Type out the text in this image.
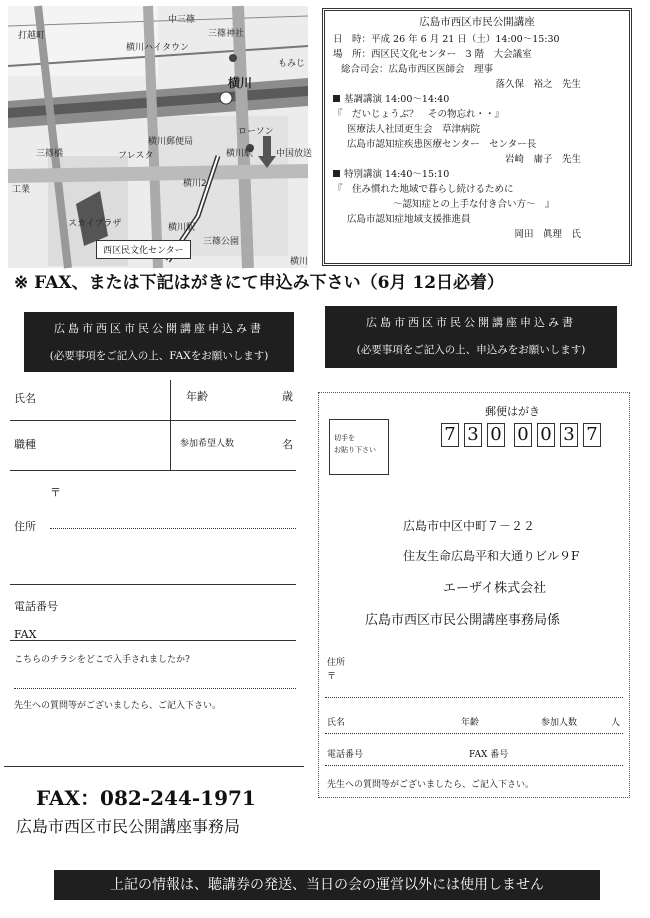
打越町
中三篠
横川ハイタウン
三篠神社
もみじ
横川
横川郵便局
ローソン
フレスタ	横川駅
三篠橋
横川2
中国放送
工業
スカイプラザ	横川駅
三篠公園
横川
西区民文化センター
広島市西区市民公開講座
日　時：平成 26 年 6 月 21 日（土）14:00～15:30
場　所：西区民文化センター　3 階　大会議室
総合司会：広島市西区医師会　理事
落久保　裕之　先生
基調講演 14:00～14:40
『　だいじょうぶ？　その物忘れ・・』
医療法人社団更生会　草津病院
広島市認知症疾患医療センター　センター長
岩崎　庸子　先生
特別講演 14:40～15:10
『　住み慣れた地域で暮らし続けるために
～認知症との上手な付き合い方～　』
広島市認知症地域支援推進員
岡田　眞理　氏
※ FAX、または下記はがきにて申込み下さい（6月 12日必着）
広島市西区市民公開講座申込み書
(必要事項をご記入の上、FAXをお願いします)
氏名	年齢	歳
職種	参加希望人数	名
〒
住所
電話番号
FAX
こちらのチラシをどこで入手されましたか?
先生への質問等がございましたら、ご記入下さい。
FAX：082-244-1971
広島市西区市民公開講座事務局
広島市西区市民公開講座申込み書
(必要事項をご記入の上、申込みをお願いします)
郵便はがき
切手を
お貼り下さい
7 3 0 0 0 3 7
広島市中区中町７－２２
住友生命広島平和大通りビル９F
エーザイ株式会社
広島市西区市民公開講座事務局係
住所
〒
氏名	年齢	参加人数	人
電話番号	FAX 番号
先生への質問等がございましたら、ご記入下さい。
上記の情報は、聴講券の発送、当日の会の運営以外には使用しません
